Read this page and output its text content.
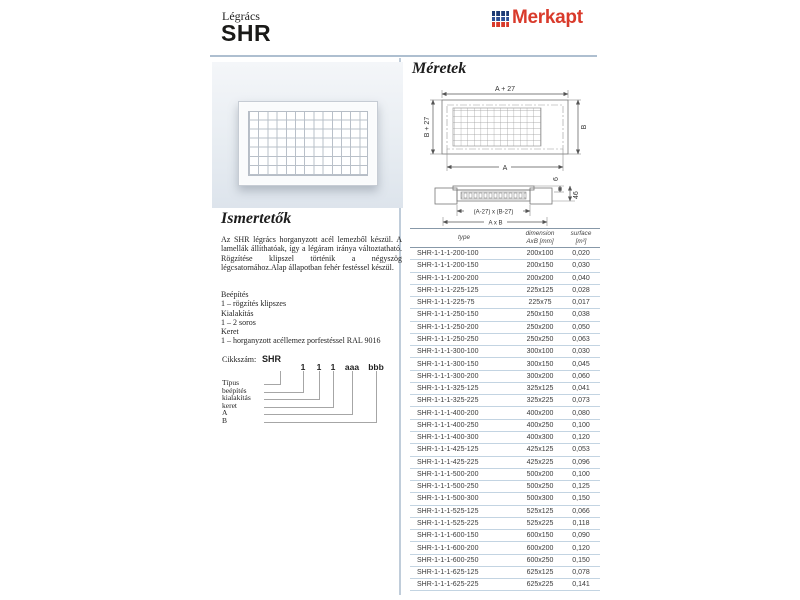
Légrács
SHR
Merkapt
Ismertetők
Az SHR légrács horganyzott acél lemezből készül. A lamellák állíthatóak, így a légáram iránya változtatható. Rögzítése klipszel történik a négyszög légcsatornához.Alap állapotban fehér festéssel készül.
Beépítés
1 – rögzítés klipszes
Kialakítás
1 – 2 soros
Keret
1 – horganyzott acéllemez porfestéssel RAL 9016
Cikkszám: SHR
1 1 1 aaa bbb
Típus
beépítés
kialakítás
keret
A
B
Méretek
A + 27
B + 27	B
A
6
46
(A-27) x (B-27)
A x B
type
dimension
AxB [mm]
surface
[m²]
SHR-1-1-1-200-100	200x100	0,020
SHR-1-1-1-200-150	200x150	0,030
SHR-1-1-1-200-200	200x200	0,040
SHR-1-1-1-225-125	225x125	0,028
SHR-1-1-1-225-75	225x75	0,017
SHR-1-1-1-250-150	250x150	0,038
SHR-1-1-1-250-200	250x200	0,050
SHR-1-1-1-250-250	250x250	0,063
SHR-1-1-1-300-100	300x100	0,030
SHR-1-1-1-300-150	300x150	0,045
SHR-1-1-1-300-200	300x200	0,060
SHR-1-1-1-325-125	325x125	0,041
SHR-1-1-1-325-225	325x225	0,073
SHR-1-1-1-400-200	400x200	0,080
SHR-1-1-1-400-250	400x250	0,100
SHR-1-1-1-400-300	400x300	0,120
SHR-1-1-1-425-125	425x125	0,053
SHR-1-1-1-425-225	425x225	0,096
SHR-1-1-1-500-200	500x200	0,100
SHR-1-1-1-500-250	500x250	0,125
SHR-1-1-1-500-300	500x300	0,150
SHR-1-1-1-525-125	525x125	0,066
SHR-1-1-1-525-225	525x225	0,118
SHR-1-1-1-600-150	600x150	0,090
SHR-1-1-1-600-200	600x200	0,120
SHR-1-1-1-600-250	600x250	0,150
SHR-1-1-1-625-125	625x125	0,078
SHR-1-1-1-625-225	625x225	0,141
